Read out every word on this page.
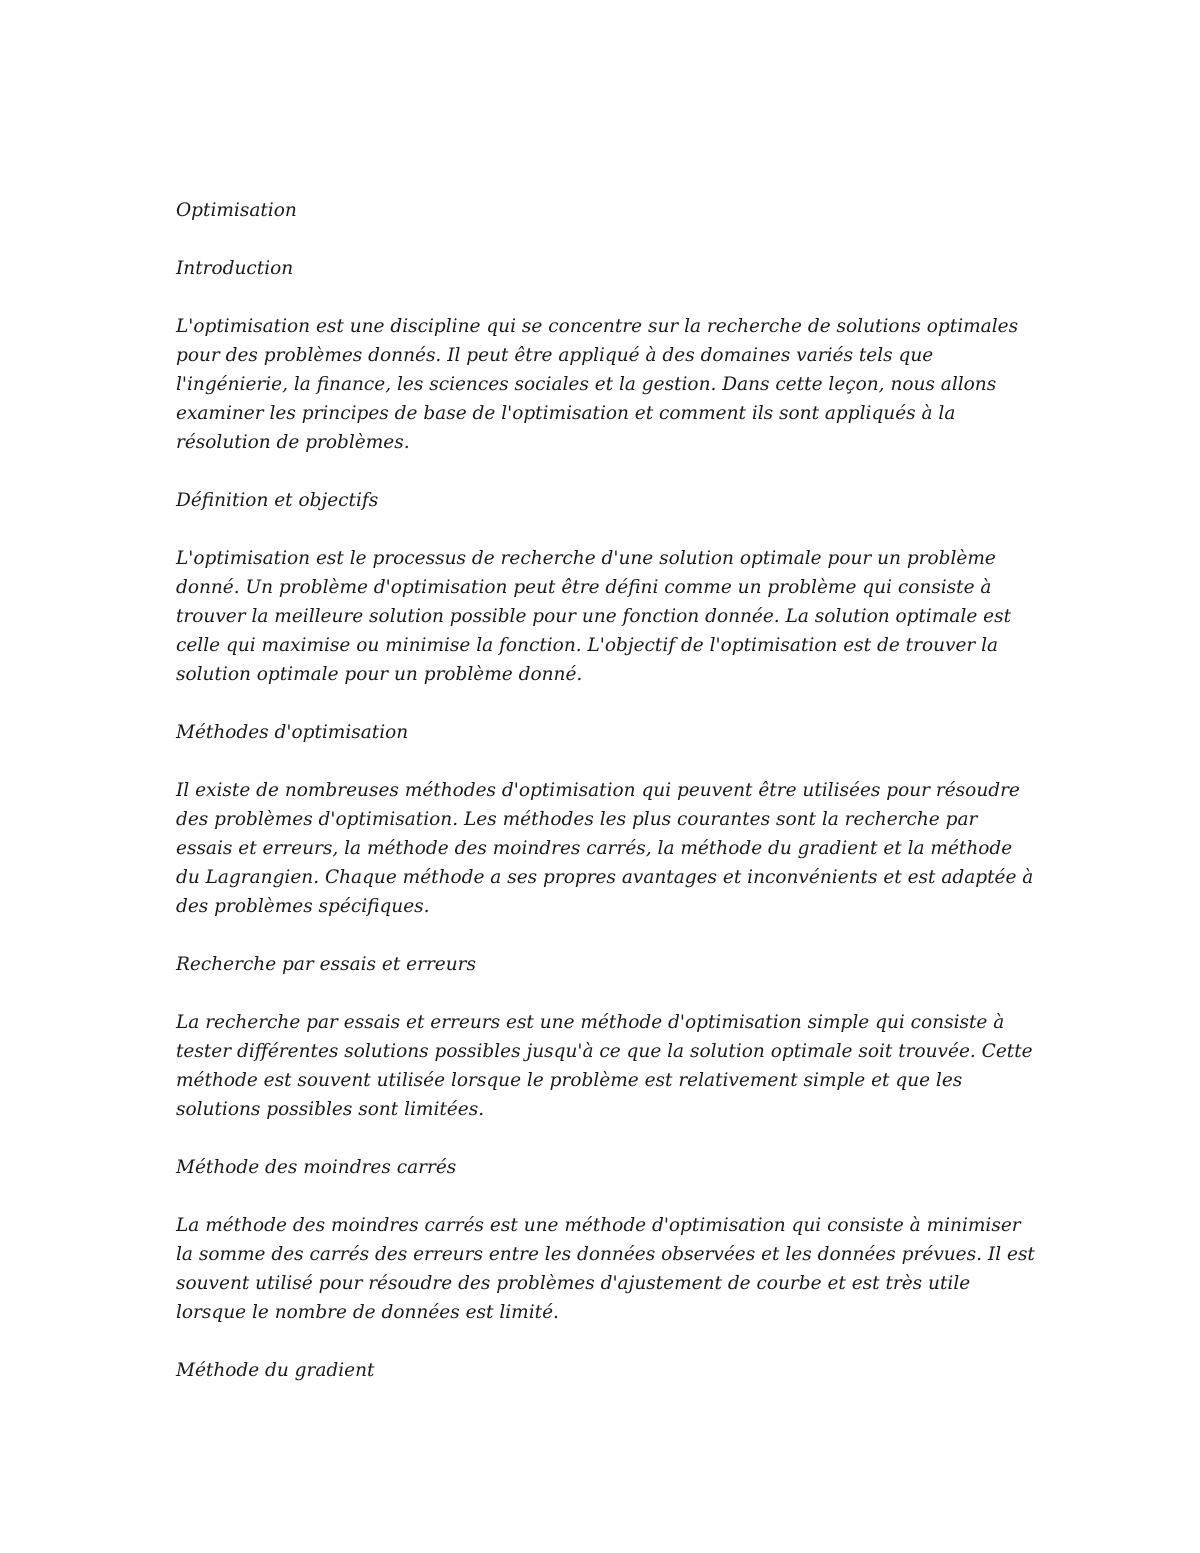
Optimisation

Introduction

L'optimisation est une discipline qui se concentre sur la recherche de solutions optimales pour des problèmes donnés. Il peut être appliqué à des domaines variés tels que l'ingénierie, la finance, les sciences sociales et la gestion. Dans cette leçon, nous allons examiner les principes de base de l'optimisation et comment ils sont appliqués à la résolution de problèmes.

Définition et objectifs

L'optimisation est le processus de recherche d'une solution optimale pour un problème donné. Un problème d'optimisation peut être défini comme un problème qui consiste à trouver la meilleure solution possible pour une fonction donnée. La solution optimale est celle qui maximise ou minimise la fonction. L'objectif de l'optimisation est de trouver la solution optimale pour un problème donné.

Méthodes d'optimisation

Il existe de nombreuses méthodes d'optimisation qui peuvent être utilisées pour résoudre des problèmes d'optimisation. Les méthodes les plus courantes sont la recherche par essais et erreurs, la méthode des moindres carrés, la méthode du gradient et la méthode du Lagrangien. Chaque méthode a ses propres avantages et inconvénients et est adaptée à des problèmes spécifiques.

Recherche par essais et erreurs

La recherche par essais et erreurs est une méthode d'optimisation simple qui consiste à tester différentes solutions possibles jusqu'à ce que la solution optimale soit trouvée. Cette méthode est souvent utilisée lorsque le problème est relativement simple et que les solutions possibles sont limitées.

Méthode des moindres carrés

La méthode des moindres carrés est une méthode d'optimisation qui consiste à minimiser la somme des carrés des erreurs entre les données observées et les données prévues. Il est souvent utilisé pour résoudre des problèmes d'ajustement de courbe et est très utile lorsque le nombre de données est limité.

Méthode du gradient
